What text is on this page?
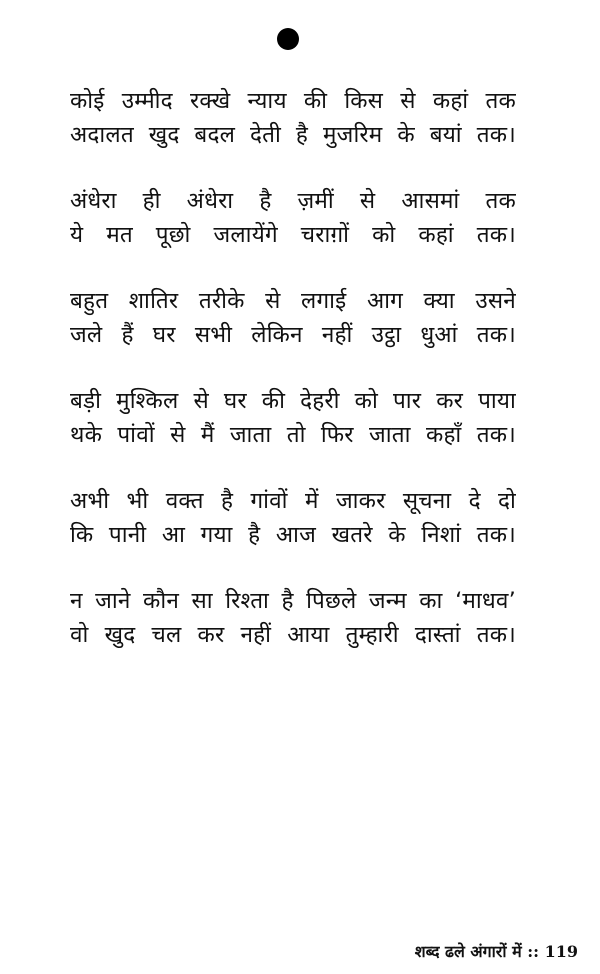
कोई उम्मीद रक्खे न्याय की किस से कहां तक
अदालत खुद बदल देती है मुजरिम के बयां तक।
अंधेरा ही अंधेरा है ज़मीं से आसमां तक
ये मत पूछो जलायेंगे चराग़ों को कहां तक।
बहुत शातिर तरीके से लगाई आग क्या उसने
जले हैं घर सभी लेकिन नहीं उट्ठा धुआं तक।
बड़ी मुश्किल से घर की देहरी को पार कर पाया
थके पांवों से मैं जाता तो फिर जाता कहाँ तक।
अभी भी वक्त है गांवों में जाकर सूचना दे दो
कि पानी आ गया है आज खतरे के निशां तक।
न जाने कौन सा रिश्ता है पिछले जन्म का ‘माधव’
वो खुद चल कर नहीं आया तुम्हारी दास्तां तक।
शब्द ढले अंगारों में :: 119
